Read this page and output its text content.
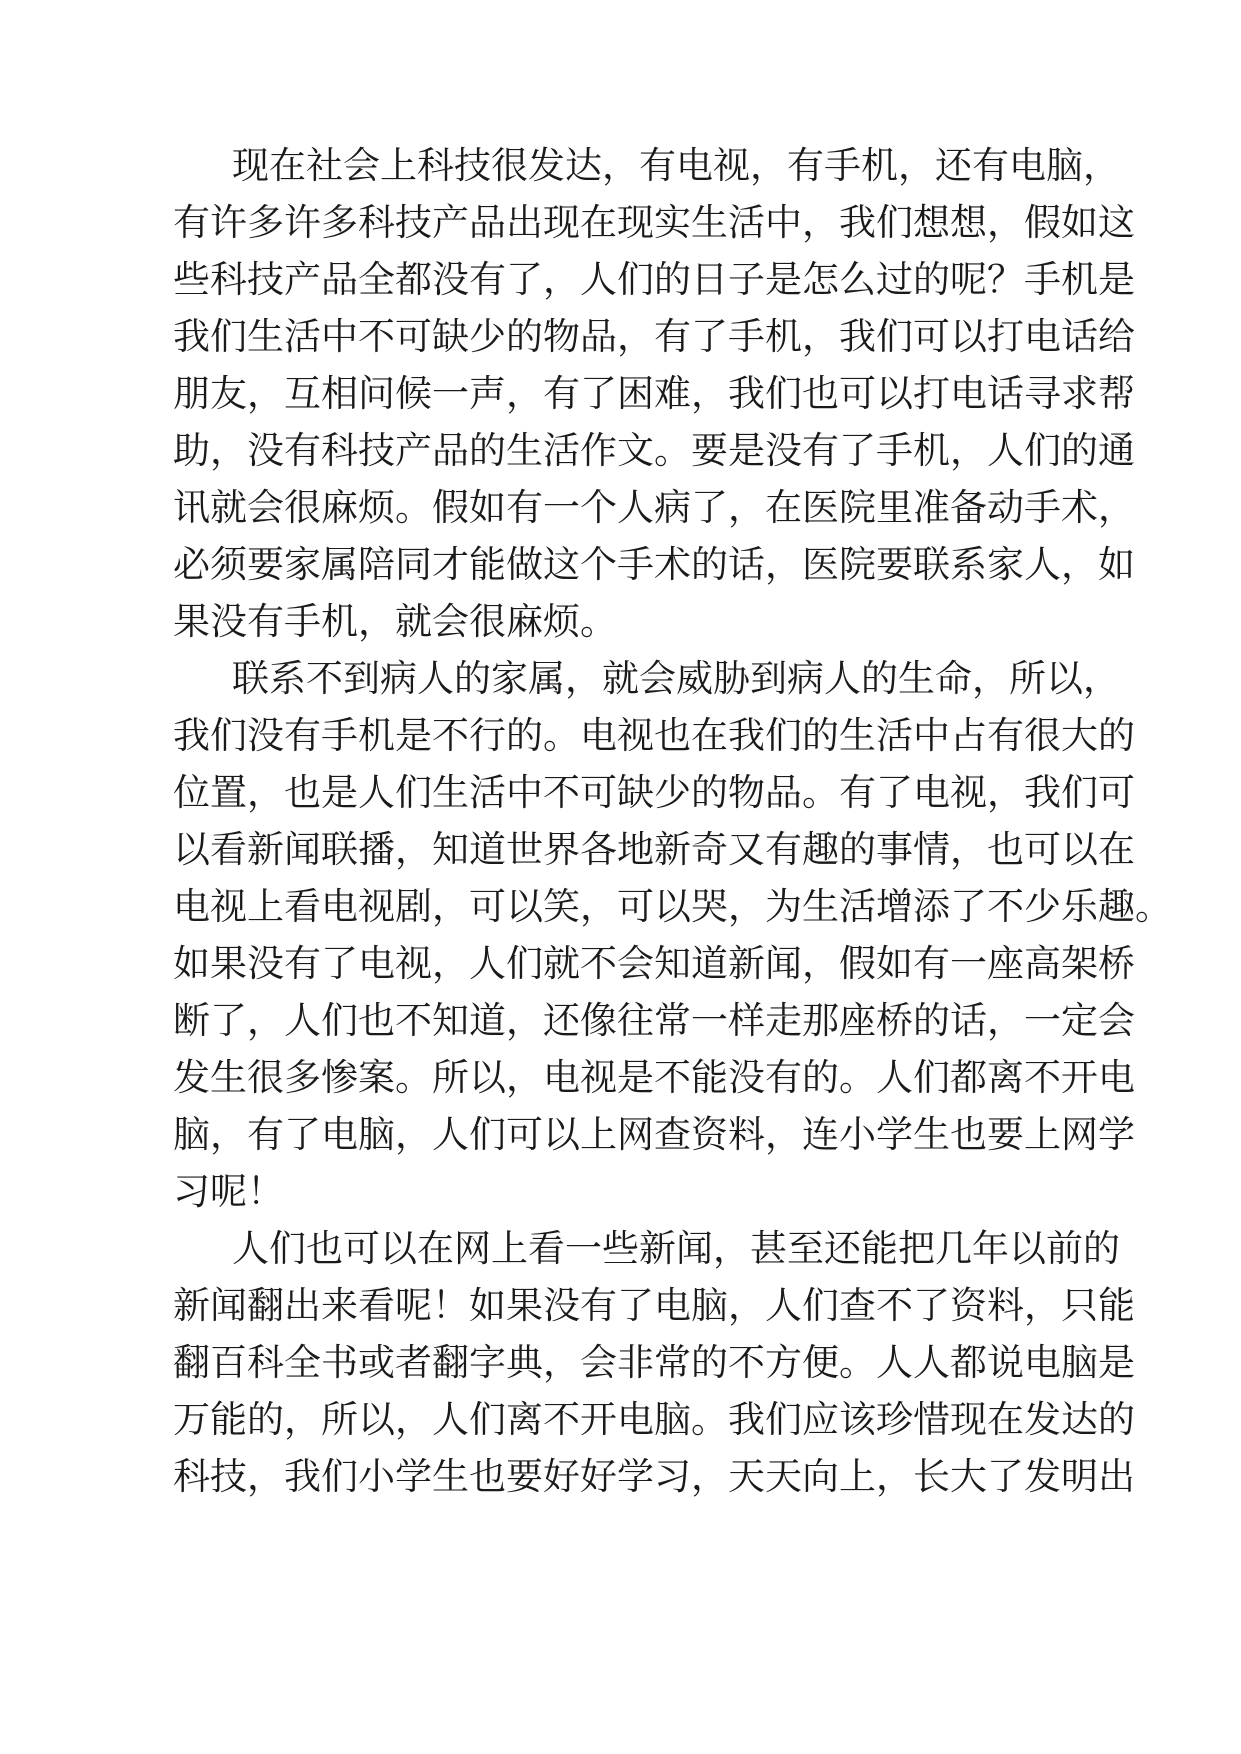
现在社会上科技很发达，有电视，有手机，还有电脑，
有许多许多科技产品出现在现实生活中，我们想想，假如这
些科技产品全都没有了，人们的日子是怎么过的呢？手机是
我们生活中不可缺少的物品，有了手机，我们可以打电话给
朋友，互相问候一声，有了困难，我们也可以打电话寻求帮
助，没有科技产品的生活作文。要是没有了手机，人们的通
讯就会很麻烦。假如有一个人病了，在医院里准备动手术，
必须要家属陪同才能做这个手术的话，医院要联系家人，如
果没有手机，就会很麻烦。
联系不到病人的家属，就会威胁到病人的生命，所以，
我们没有手机是不行的。电视也在我们的生活中占有很大的
位置，也是人们生活中不可缺少的物品。有了电视，我们可
以看新闻联播，知道世界各地新奇又有趣的事情，也可以在
电视上看电视剧，可以笑，可以哭，为生活增添了不少乐趣。
如果没有了电视，人们就不会知道新闻，假如有一座高架桥
断了，人们也不知道，还像往常一样走那座桥的话，一定会
发生很多惨案。所以，电视是不能没有的。人们都离不开电
脑，有了电脑，人们可以上网查资料，连小学生也要上网学
习呢！
人们也可以在网上看一些新闻，甚至还能把几年以前的
新闻翻出来看呢！如果没有了电脑，人们查不了资料，只能
翻百科全书或者翻字典，会非常的不方便。人人都说电脑是
万能的，所以，人们离不开电脑。我们应该珍惜现在发达的
科技，我们小学生也要好好学习，天天向上，长大了发明出
